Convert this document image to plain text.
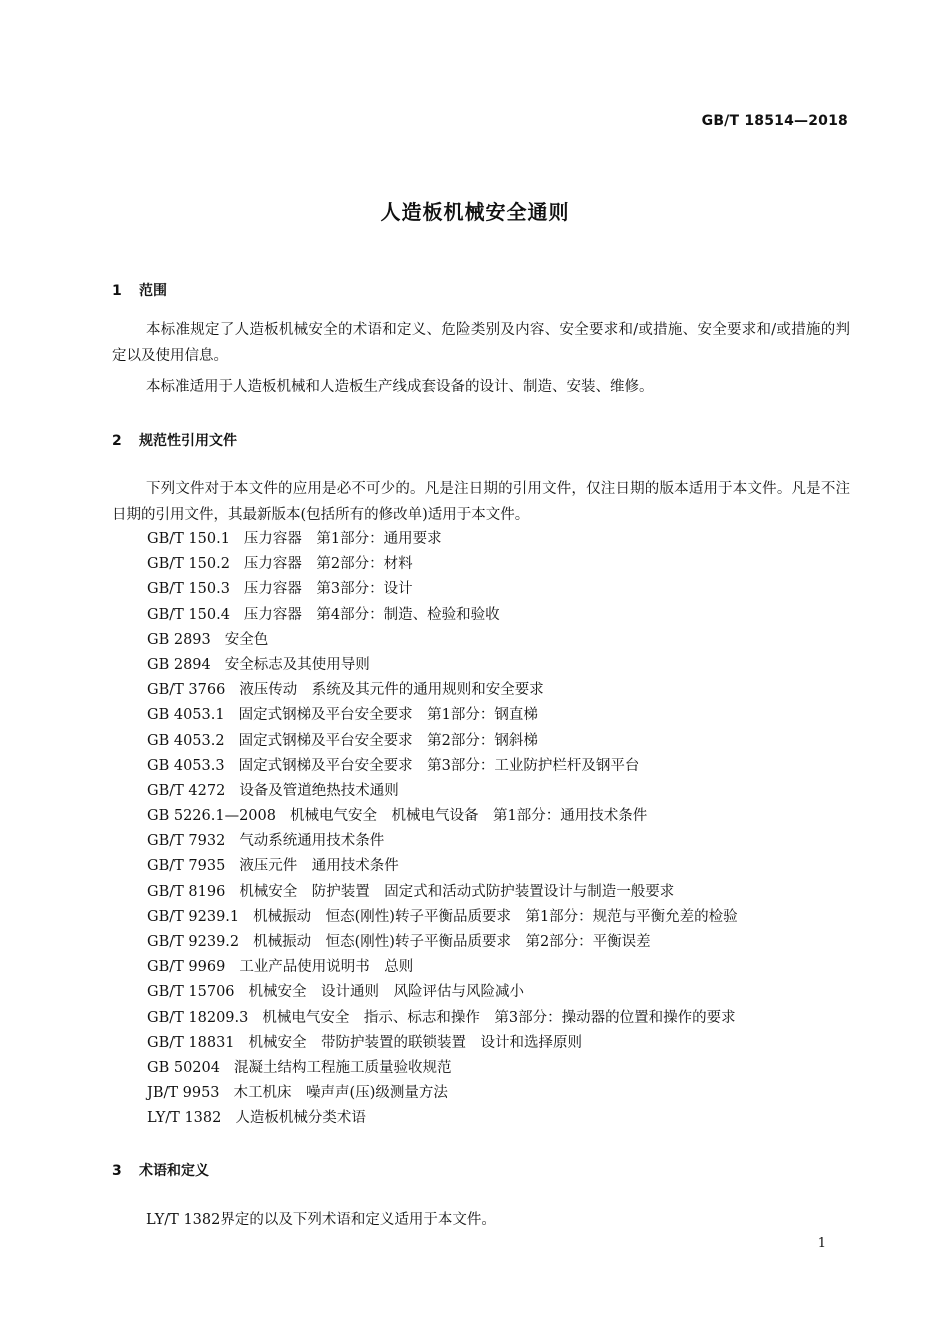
GB/T 18514—2018
人造板机械安全通则
1 范围

本标准规定了人造板机械安全的术语和定义、危险类别及内容、安全要求和/或措施、安全要求和/或措施的判定以及使用信息。

本标准适用于人造板机械和人造板生产线成套设备的设计、制造、安装、维修。

2 规范性引用文件

下列文件对于本文件的应用是必不可少的。凡是注日期的引用文件，仅注日期的版本适用于本文件。凡是不注日期的引用文件，其最新版本(包括所有的修改单)适用于本文件。

GB/T 150.1 压力容器　第1部分：通用要求
GB/T 150.2 压力容器　第2部分：材料
GB/T 150.3 压力容器　第3部分：设计
GB/T 150.4 压力容器　第4部分：制造、检验和验收
GB 2893 安全色
GB 2894 安全标志及其使用导则
GB/T 3766 液压传动　系统及其元件的通用规则和安全要求
GB 4053.1 固定式钢梯及平台安全要求　第1部分：钢直梯
GB 4053.2 固定式钢梯及平台安全要求　第2部分：钢斜梯
GB 4053.3 固定式钢梯及平台安全要求　第3部分：工业防护栏杆及钢平台
GB/T 4272 设备及管道绝热技术通则
GB 5226.1—2008 机械电气安全　机械电气设备　第1部分：通用技术条件
GB/T 7932 气动系统通用技术条件
GB/T 7935 液压元件　通用技术条件
GB/T 8196 机械安全　防护装置　固定式和活动式防护装置设计与制造一般要求
GB/T 9239.1 机械振动　恒态(刚性)转子平衡品质要求　第1部分：规范与平衡允差的检验
GB/T 9239.2 机械振动　恒态(刚性)转子平衡品质要求　第2部分：平衡误差
GB/T 9969 工业产品使用说明书　总则
GB/T 15706 机械安全　设计通则　风险评估与风险减小
GB/T 18209.3 机械电气安全　指示、标志和操作　第3部分：操动器的位置和操作的要求
GB/T 18831 机械安全　带防护装置的联锁装置　设计和选择原则
GB 50204 混凝土结构工程施工质量验收规范
JB/T 9953 木工机床　噪声声(压)级测量方法
LY/T 1382 人造板机械分类术语
3 术语和定义

LY/T 1382界定的以及下列术语和定义适用于本文件。

1
